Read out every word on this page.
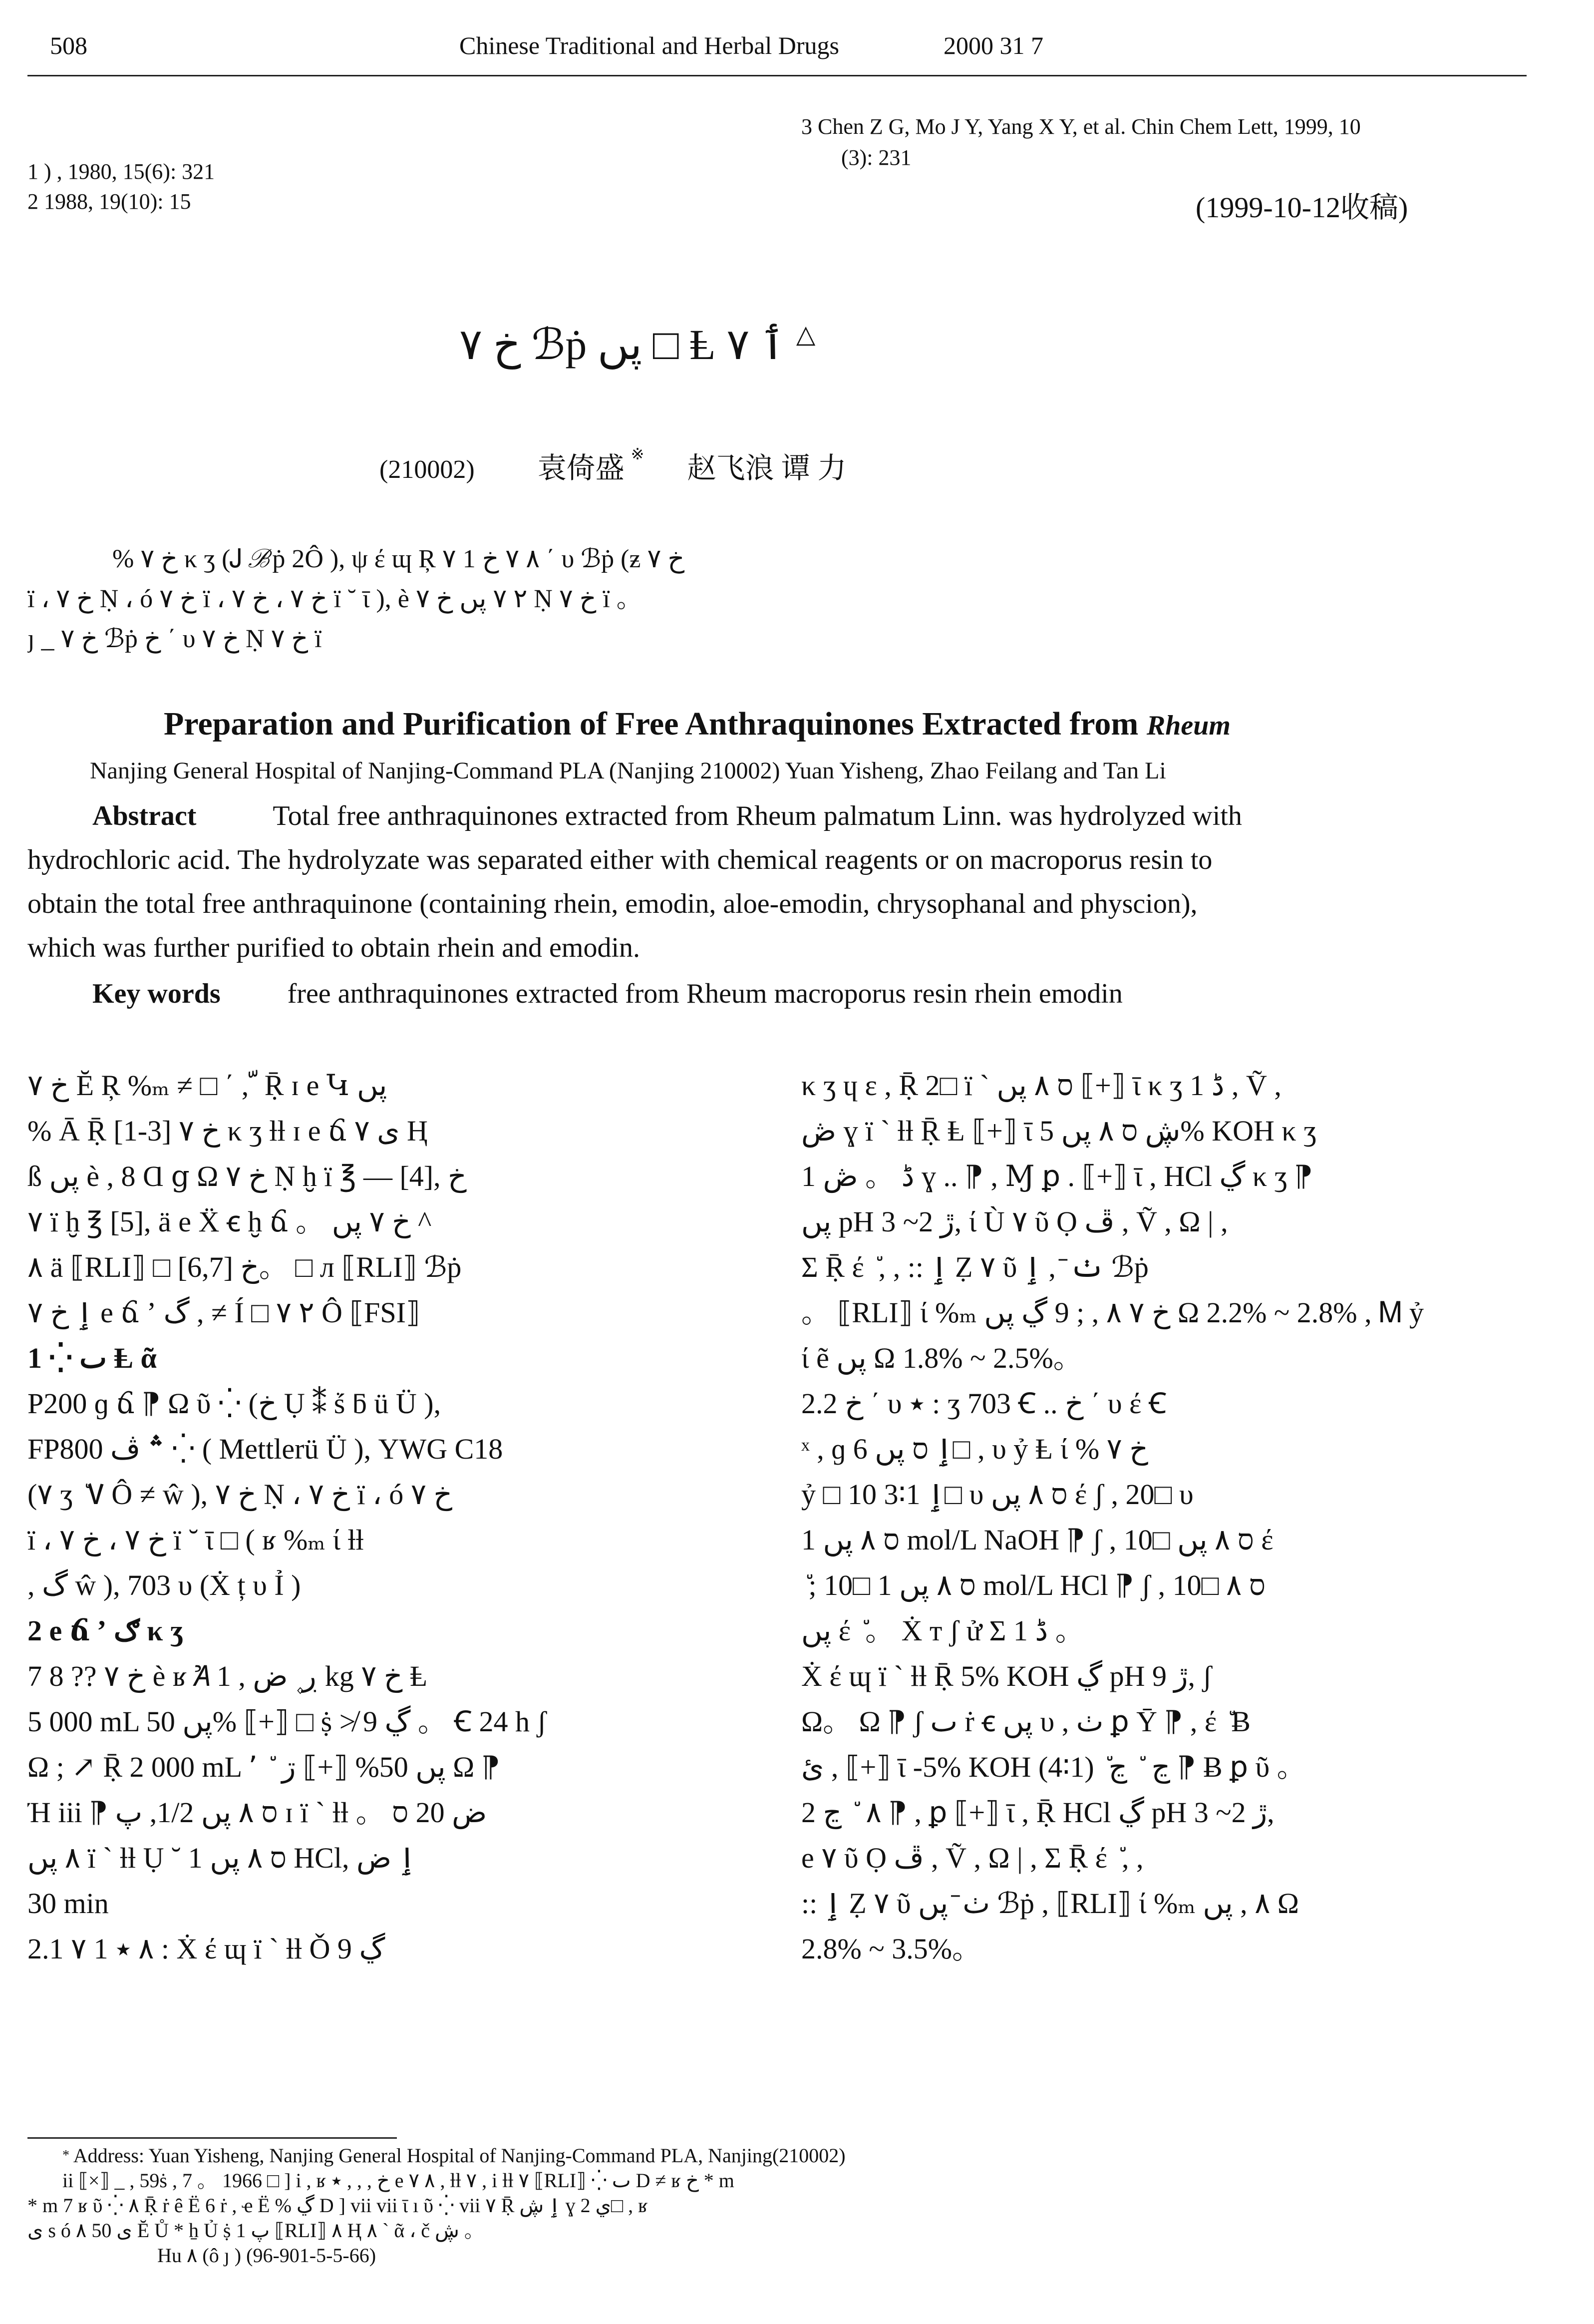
508	Chinese Traditional and Herbal Drugs	2000 31 7
1 ) , 1980, 15(6): 321
2 1988, 19(10): 15
3 Chen Z G, Mo J Y, Yang X Y, et al. Chin Chem Lett, 1999, 10
(3): 231
(1999-10-12收稿)
خ ٧ ℬṗ پں □ Ⱡ ٲ ٧ △
(210002) 袁倚盛 ※ 赵飞浪 谭 力
% خ ٧ κ ʒ (Ꭻ ℬṗ 2Ô ), ψ έ ɰ Ŗ ٧ 1 ٨ ٧ خ ΄ υ ℬṗ (ƶ خ ٧
ï ، خ ٧ Ṇ ، ó خ ٧ ï ، خ ٧ ، خ ٧ ï ˘ ῑ ), è ٢ ٧ پں خ ٧ Ṇ خ ٧ ï 。
ȷ _ خ ٧ ℬṗ خ ΄ υ خ ٧ Ṇ خ ٧ ï
Preparation and Purification of Free Anthraquinones Extracted from Rheum
Nanjing General Hospital of Nanjing-Command PLA (Nanjing 210002) Yuan Yisheng, Zhao Feilang and Tan Li
Abstract	Total free anthraquinones extracted from Rheum palmatum Linn. was hydrolyzed with
hydrochloric acid. The hydrolyzate was separated either with chemical reagents or on macroporus resin to
obtain the total free anthraquinone (containing rhein, emodin, aloe-emodin, chrysophanal and physcion),
which was further purified to obtain rhein and emodin.
Key words free anthraquinones extracted from Rheum macroporus resin rhein emodin
خ ٧ Ĕ Ŗ %ₘ ≠ □ ΄ , ّ Ṝ ɪ e Կ پں
% Ā Ṝ [1-3] خ ٧ κ ʒ ƚƚ ɪ e ճ ى ٧ Ⱨ
ß پں è , 8 Ɑ ց Ω خ ٧ Ṇ ḫ ï ℥ — [4], خ
٧ ï ḫ ℥ [5], ä e Ẍ ꞓ ḫ ճ 。 خ ٧ پں ^
٨ ä ⟦RLI⟧ □ خ [6,7]。 □ л ⟦RLI⟧ ℬṗ
ٳ خ ٧ e ճ ʼ گ , ≠ Í □ ٢ ٧ Ô ⟦FSI⟧
1 ⁛ ٮ Ⱡ ᾶ
P200 ɡ ճ ⁋ Ω ῦ ⁛ (خ Ụ ⁑ ṥ ƃ ü Ü ),
FP800 ؞ ڤ ⁛ ( Mettlerü Ü ), YWG C18
(٧ ʒ ٘ ٧ Ô ≠ ŵ ), خ ٧ Ṇ ، خ ٧ ï ، ó خ ٧
ï ، خ ٧ ، خ ٧ ï ˘ ῑ □ ( ʁ %ₘ ί ƚƚ
, گ ŵ ), 703 υ (Ẋ ț υ Ỉ )
2 e ճ ʼ ګ κ ʒ
7 8 ?? خ ٧ è ʁ Ꞻ ڔ ۪ ض , 1 kg خ ٧ Ⱡ
5 000 mL پں 50% ⟦+⟧ □ ṩ ≯ 9 ڲ 。 Ꞓ 24 h ʃ
Ω ; ↗ Ṝ 2 000 mL پں 50% ⟦+⟧ ڗ ٘ ٬ Ω ⁋
Ή iii ⁋ ס ٨ پں 1/2, پ ɪ ï ` ƚƚ 。 ض 20 ס
٨ پں ï ` ƚƚ Ụ ˘ 1 ס ٨ پں HCl, ٳ ض
30 min
2.1 ٧ 1 ٨ ٭ : Ẋ έ ɰ ï ` ƚƚ Ǒ 9 ڲ
κ ʒ ɥ ε , Ṝ 2□ ï ` ס ٨ پں ⟦+⟧ ῑ κ ʒ 1 ڈ , Ṽ ,
ڞ ɣ ï ` ƚƚ Ṝ Ⱡ ⟦+⟧ ῑ ڜ ס ٨ پں 5% KOH κ ʒ
1 ڈ 。 ڞ ɣ .. ⁋ , Ɱ ꝑ . ⟦+⟧ ῑ , HCl ڲ κ ʒ ⁋
پں pH ڙ 2~ 3, ί Ù ٧ ῦ Ọ ڦ , Ṽ , Ω | ,
Σ Ṝ έ ٘ , , :: ٳ Ẓ ٧ ῦ ٺ ̄ , ٳ ℬṗ
。 ⟦RLI⟧ ί %ₘ خ ٧ ٨ , ; 9 ڲ پں Ω 2.2% ~ 2.8% , Ꮇ ỷ
ί ẽ پں Ω 1.8% ~ 2.5%。
2.2 خ ΄ υ ٭ : ʒ 703 Ꞓ .. خ ΄ υ έ Ꞓ
ˣ , ɡ ٳ ס پں 6□ , υ ỷ Ⱡ ί % خ ٧
ỷ □ ٳ 1∶3 10□ υ ס ٨ پں έ ʃ , 20□ υ
ס ٨ پں 1 mol/L NaOH ⁋ ʃ , 10□ ס ٨ پں έ
٘ ; 10□ ס ٨ پں 1 mol/L HCl ⁋ ʃ , 10□ ס ٨
پں έ ٘ 。 Ẋ т ʃ ử Σ 1 ڈ 。
Ẋ έ ɰ ï ` ƚƚ Ṝ 5% KOH ڲ pH ڙ 9, ʃ
Ω。 Ω ⁋ ʃ ٮ ṙ ꞓ پں υ , ٺ ꝑ Ῡ ⁋ , έ ٘ Ƀ
ئ , ⟦+⟧ ῑ -5% KOH (4∶1) ٘ ڃ ٘ ڃ ⁋ Ƀ ꝑ ῦ 。
2 ٨ ٘ ڃ ⁋ , ꝑ ⟦+⟧ ῑ , Ṝ HCl ڲ pH ڙ 2~ 3,
e ٧ ῦ Ọ ڦ , Ṽ , Ω | , Σ Ṝ έ ٘ , ,
:: ٳ Ẓ ٧ ῦ ٺ ̄ پں ℬṗ , ⟦RLI⟧ ί %ₘ ٨ , پں Ω
2.8% ~ 3.5%。
* Address: Yuan Yisheng, Nanjing General Hospital of Nanjing-Command PLA, Nanjing(210002)
ii ⟦×⟧ _ , 59ṡ , 7 。 1966 □ ] i , ʁ خ , , , ٭ e ٨ ٧ , ƚƚ ٧ , i ƚƚ ٧ ⟦RLI⟧ ⁛ ٮ D ≠ ʁ خ * m
* m 7 ʁ ῦ ⁛ ٨ Ṝ ṙ ȇ Ë 6 ṙ , ҽ Ë % ڲ D ] vii vii ῑ ı ῦ ⁛ vii ٧ Ṝ ٳ ڜ ɣ ي 2□ , ʁ
ى s ó ى 50 ٨ Ĕ Ů * ẖ Ủ ṩ پ 1 ⟦RLI⟧ ٨ Ⱨ ٨ ` ᾶ ، č ڜ 。
Hu ٨ (ô ȷ ) (96-901-5-5-66)
